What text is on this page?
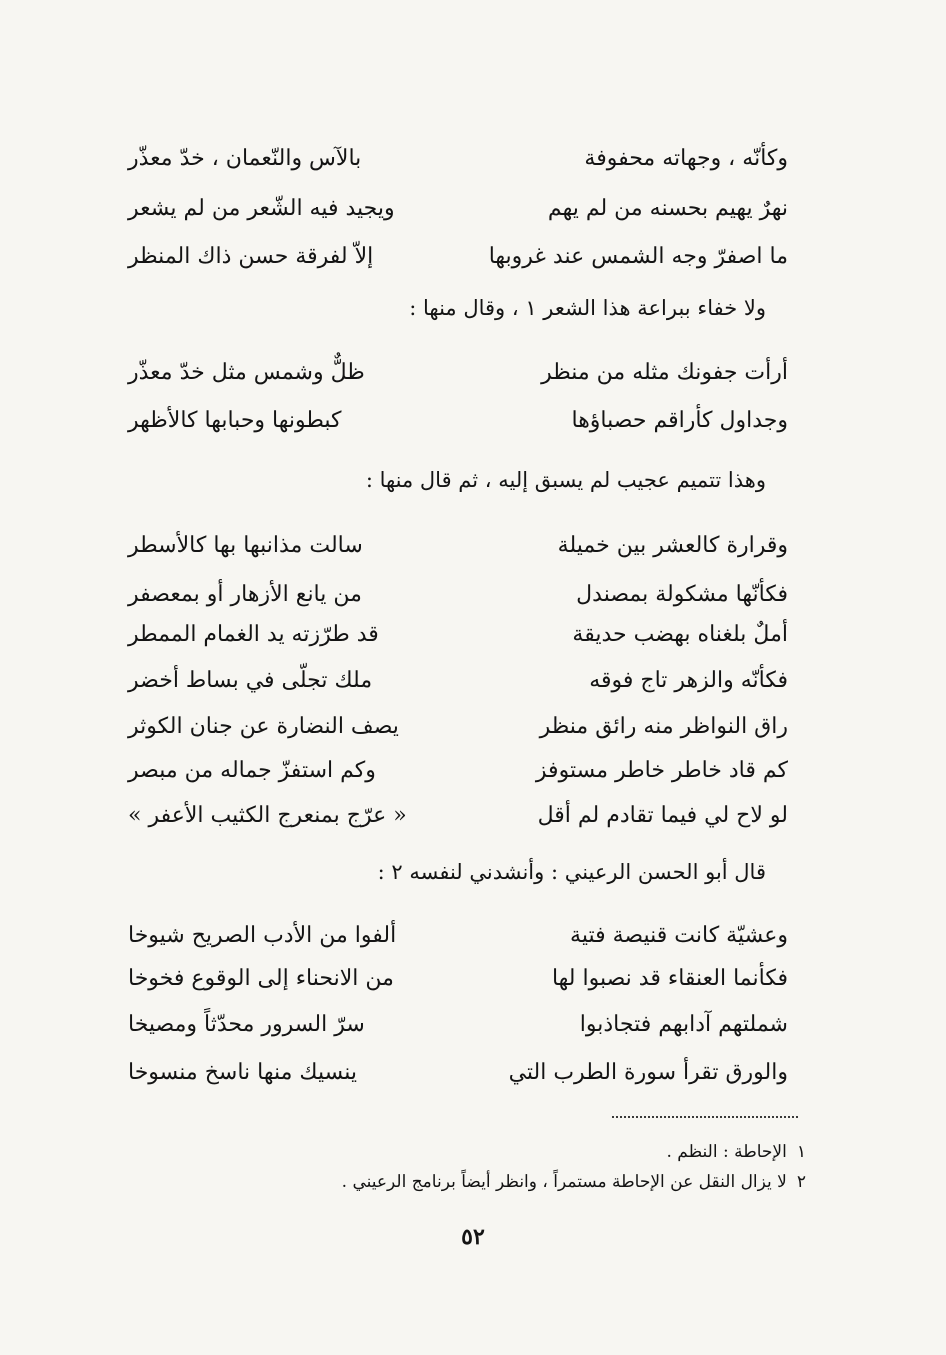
وكأنّه ، وجهاته محفوفة
بالآس والنّعمان ، خدّ معذّر
نهرٌ يهيم بحسنه من لم يهم
ويجيد فيه الشّعر من لم يشعر
ما اصفرّ وجه الشمس عند غروبها
إلاّ لفرقة حسن ذاك المنظر
ولا خفاء ببراعة هذا الشعر ١ ، وقال منها :
أرأت جفونك مثله من منظر
ظلٌّ وشمس مثل خدّ معذّر
وجداول كأراقم حصباؤها
كبطونها وحبابها كالأظهر
وهذا تتميم عجيب لم يسبق إليه ، ثم قال منها :
وقرارة كالعشر بين خميلة
سالت مذانبها بها كالأسطر
فكأنّها مشكولة بمصندل
من يانع الأزهار أو بمعصفر
أملٌ بلغناه بهضب حديقة
قد طرّزته يد الغمام الممطر
فكأنّه والزهر تاج فوقه
ملك تجلّى في بساط أخضر
راق النواظر منه رائق منظر
يصف النضارة عن جنان الكوثر
كم قاد خاطر خاطر مستوفز
وكم استفزّ جماله من مبصر
لو لاح لي فيما تقادم لم أقل
« عرّج بمنعرج الكثيب الأعفر »
قال أبو الحسن الرعيني : وأنشدني لنفسه ٢ :
وعشيّة كانت قنيصة فتية
ألفوا من الأدب الصريح شيوخا
فكأنما العنقاء قد نصبوا لها
من الانحناء إلى الوقوع فخوخا
شملتهم آدابهم فتجاذبوا
سرّ السرور محدّثاً ومصيخا
والورق تقرأ سورة الطرب التي
ينسيك منها ناسخ منسوخا
١الإحاطة : النظم .
٢لا يزال النقل عن الإحاطة مستمراً ، وانظر أيضاً برنامج الرعيني .
٥٢
